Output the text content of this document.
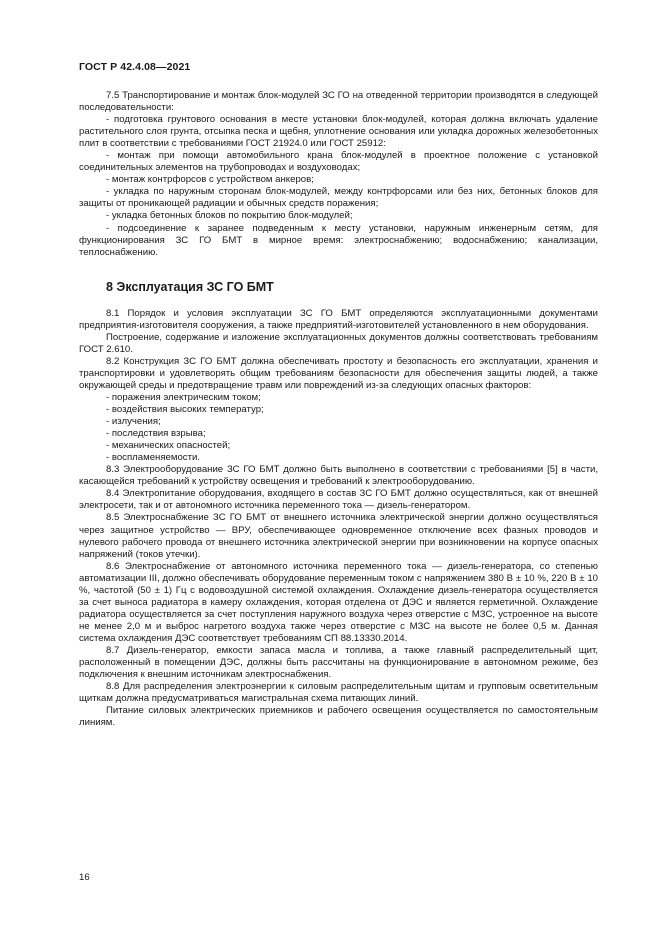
ГОСТ Р 42.4.08—2021

7.5 Транспортирование и монтаж блок-модулей ЗС ГО на отведенной территории производятся в следующей последовательности:

- подготовка грунтового основания в месте установки блок-модулей, которая должна включать удаление растительного слоя грунта, отсыпка песка и щебня, уплотнение основания или укладка дорожных железобетонных плит в соответствии с требованиями ГОСТ 21924.0 или ГОСТ 25912:

- монтаж при помощи автомобильного крана блок-модулей в проектное положение с установкой соединительных элементов на трубопроводах и воздуховодах;

- монтаж контрфорсов с устройством анкеров;

- укладка по наружным сторонам блок-модулей, между контрфорсами или без них, бетонных блоков для защиты от проникающей радиации и обычных средств поражения;

- укладка бетонных блоков по покрытию блок-модулей;

- подсоединение к заранее подведенным к месту установки, наружным инженерным сетям, для функционирования ЗС ГО БМТ в мирное время: электроснабжению; водоснабжению; канализации, теплоснабжению.

8 Эксплуатация ЗС ГО БМТ

8.1 Порядок и условия эксплуатации ЗС ГО БМТ определяются эксплуатационными документами предприятия-изготовителя сооружения, а также предприятий-изготовителей установленного в нем оборудования.

Построение, содержание и изложение эксплуатационных документов должны соответствовать требованиям ГОСТ 2.610.

8.2 Конструкция ЗС ГО БМТ должна обеспечивать простоту и безопасность его эксплуатации, хранения и транспортировки и удовлетворять общим требованиям безопасности для обеспечения защиты людей, а также окружающей среды и предотвращение травм или повреждений из-за следующих опасных факторов:

- поражения электрическим током;

- воздействия высоких температур;

- излучения;

- последствия взрыва;

- механических опасностей;

- воспламеняемости.

8.3 Электрооборудование ЗС ГО БМТ должно быть выполнено в соответствии с требованиями [5] в части, касающейся требований к устройству освещения и требований к электрооборудованию.

8.4 Электропитание оборудования, входящего в состав ЗС ГО БМТ должно осуществляться, как от внешней электросети, так и от автономного источника переменного тока — дизель-генератором.

8.5 Электроснабжение ЗС ГО БМТ от внешнего источника электрической энергии должно осуществляться через защитное устройство — ВРУ, обеспечивающее одновременное отключение всех фазных проводов и нулевого рабочего провода от внешнего источника электрической энергии при возникновении на корпусе опасных напряжений (токов утечки).

8.6 Электроснабжение от автономного источника переменного тока — дизель-генератора, со степенью автоматизации III, должно обеспечивать оборудование переменным током с напряжением 380 В ± 10 %, 220 В ± 10 %, частотой (50 ± 1) Гц с водовоздушной системой охлаждения. Охлаждение дизель-генератора осуществляется за счет выноса радиатора в камеру охлаждения, которая отделена от ДЭС и является герметичной. Охлаждение радиатора осуществляется за счет поступления наружного воздуха через отверстие с МЗС, устроенное на высоте не менее 2,0 м и выброс нагретого воздуха также через отверстие с МЗС на высоте не более 0,5 м. Данная система охлаждения ДЭС соответствует требованиям СП 88.13330.2014.

8.7 Дизель-генератор, емкости запаса масла и топлива, а также главный распределительный щит, расположенный в помещении ДЭС, должны быть рассчитаны на функционирование в автономном режиме, без подключения к внешним источникам электроснабжения.

8.8 Для распределения электроэнергии к силовым распределительным щитам и групповым осветительным щиткам должна предусматриваться магистральная схема питающих линий.

Питание силовых электрических приемников и рабочего освещения осуществляется по самостоятельным линиям.

16
